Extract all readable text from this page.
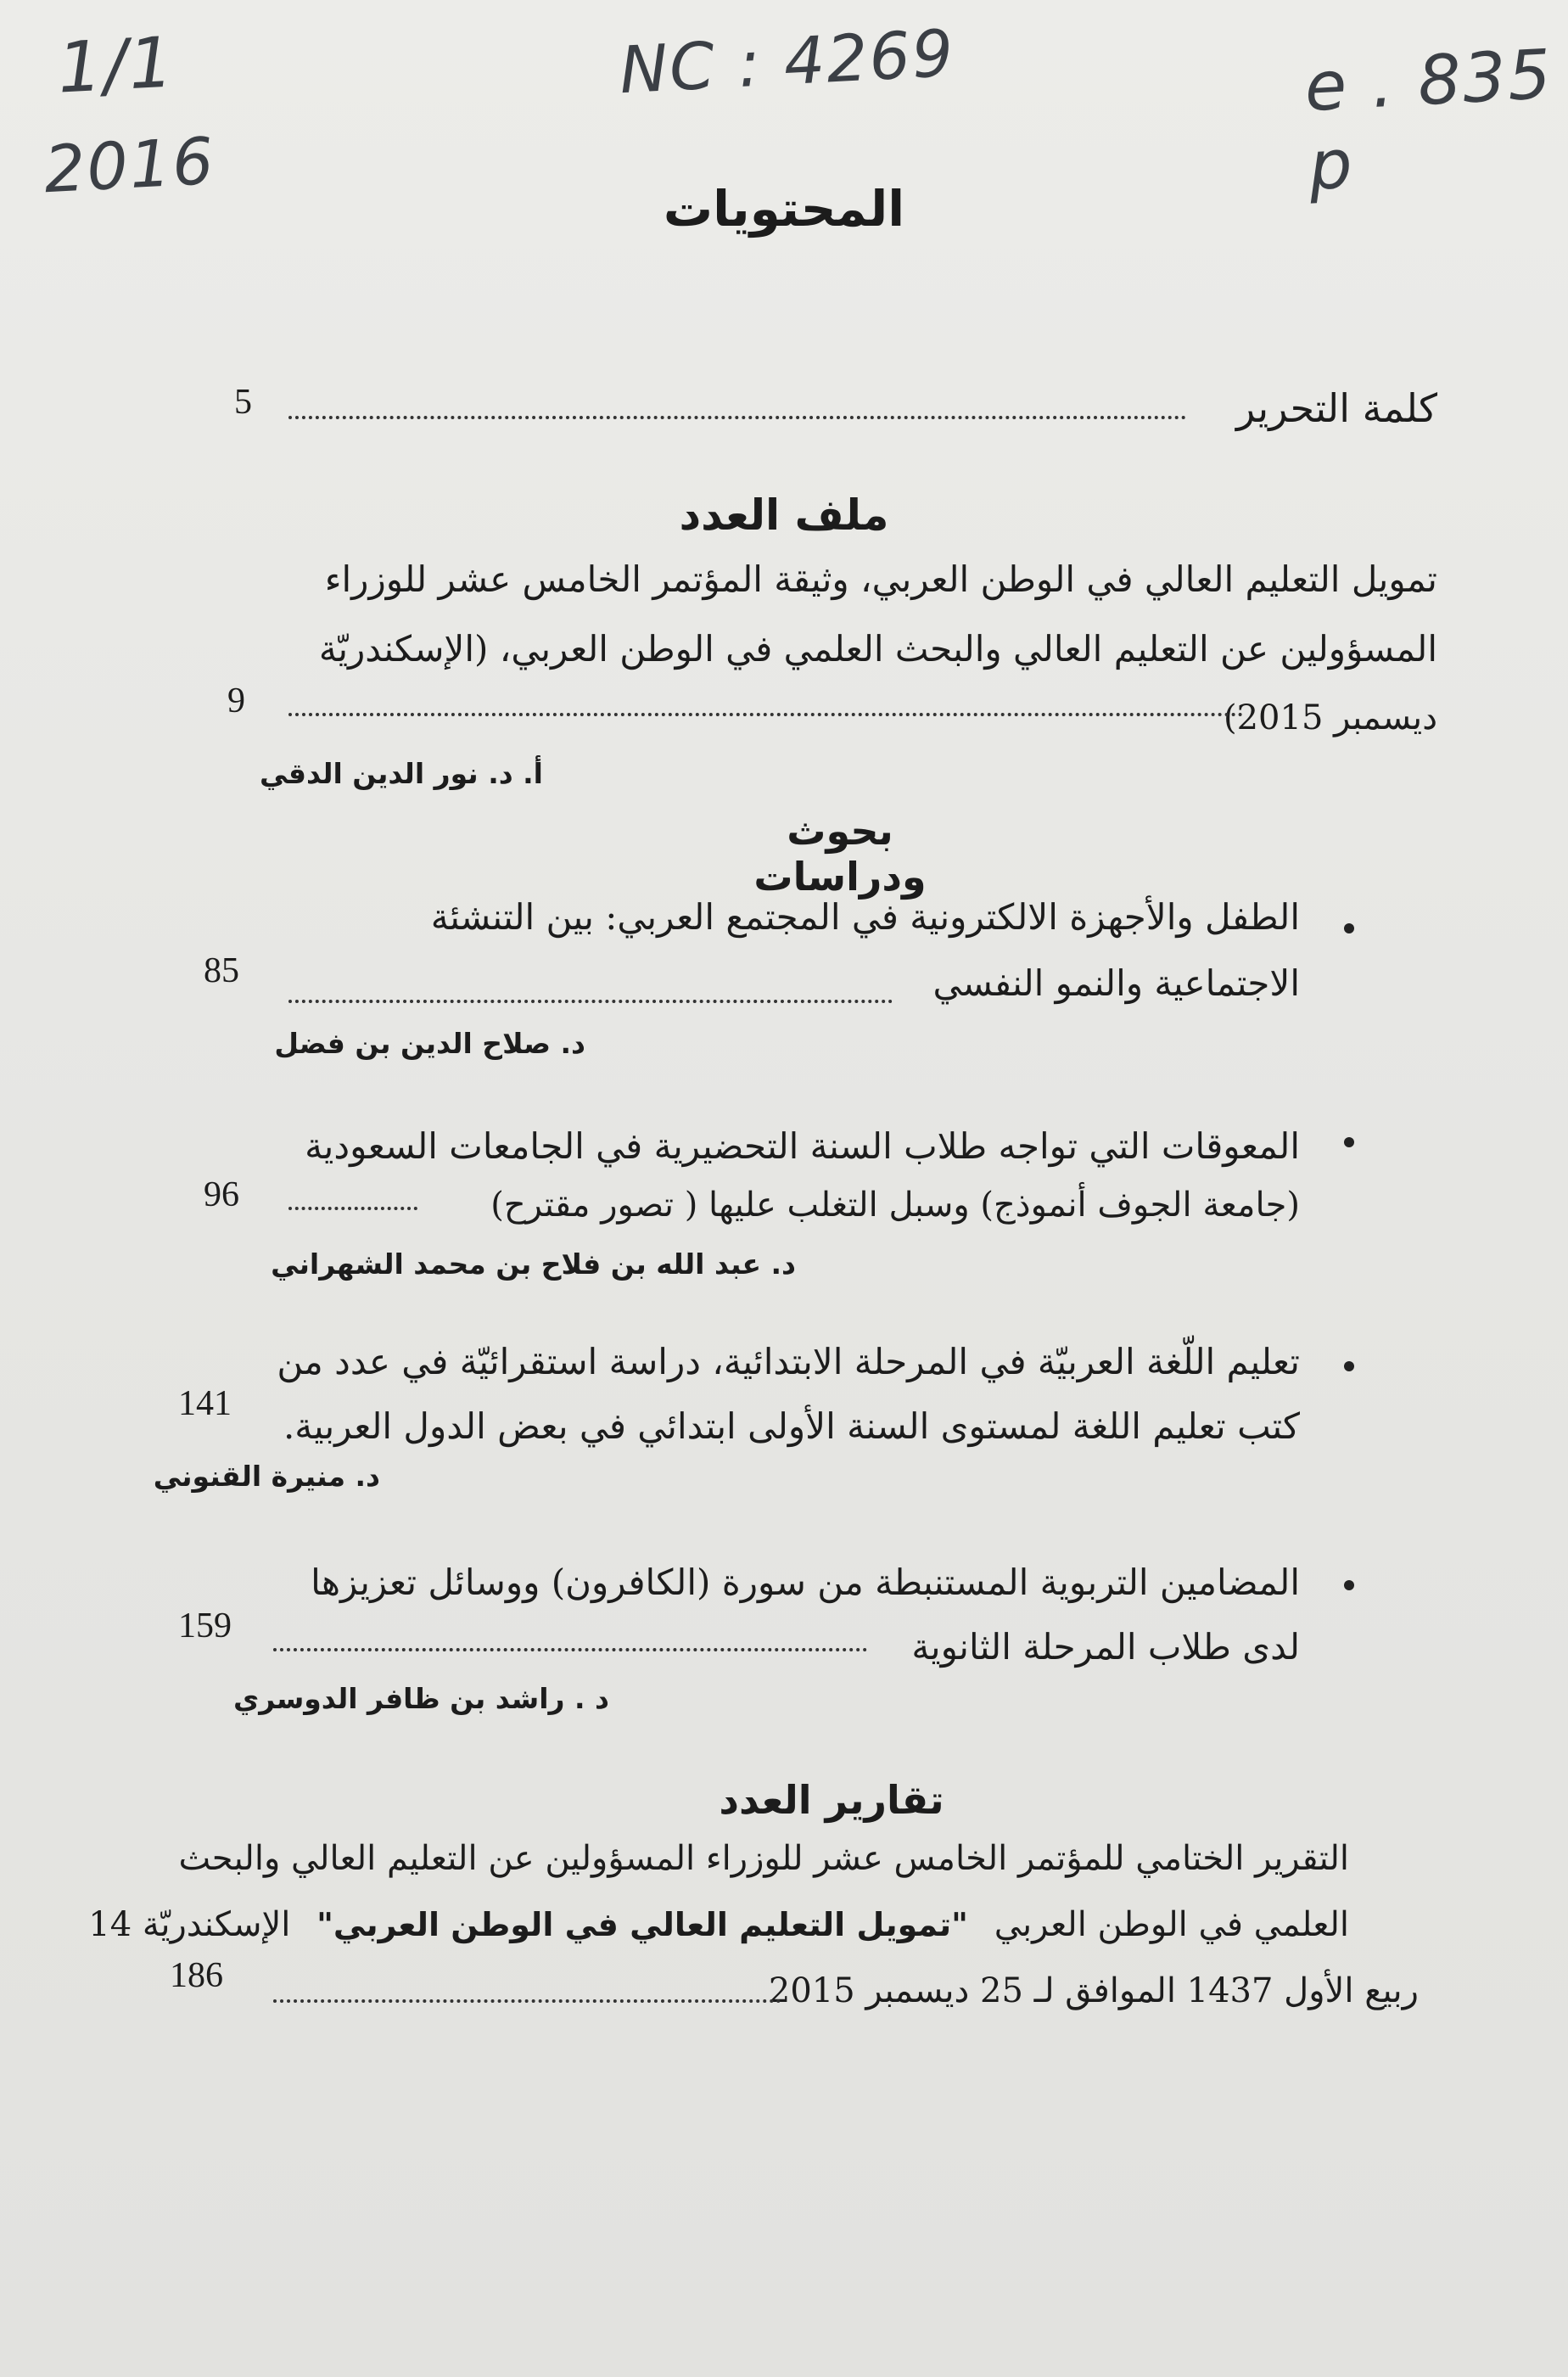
1/1
2016
NC : 4269	e . 835 p
المحتويات
كلمة التحرير
5
ملف العدد
تمويل التعليم العالي في الوطن العربي، وثيقة المؤتمر الخامس عشر للوزراء
المسؤولين عن التعليم العالي والبحث العلمي في الوطن العربي، (الإسكندريّة
ديسمبر 2015)
9
أ. د. نور الدين الدقي
بحوث ودراسات
الطفل والأجهزة الالكترونية في المجتمع العربي: بين التنشئة
الاجتماعية والنمو النفسي
85
د. صلاح الدين بن فضل
المعوقات التي تواجه طلاب السنة التحضيرية في الجامعات السعودية
(جامعة الجوف أنموذج) وسبل التغلب عليها ( تصور مقترح)
96
د. عبد الله بن فلاح بن محمد الشهراني
تعليم اللّغة العربيّة في المرحلة الابتدائية، دراسة استقرائيّة في عدد من
كتب تعليم اللغة لمستوى السنة الأولى ابتدائي في بعض الدول العربية.
141
د. منيرة القنوني
المضامين التربوية المستنبطة من سورة (الكافرون) ووسائل تعزيزها
لدى طلاب المرحلة الثانوية
159
د . راشد بن ظافر الدوسري
تقارير العدد
التقرير الختامي للمؤتمر الخامس عشر للوزراء المسؤولين عن التعليم العالي والبحث
العلمي في الوطن العربي "تمويل التعليم العالي في الوطن العربي" الإسكندريّة 14
ربيع الأول 1437 الموافق لـ 25 ديسمبر 2015
186
